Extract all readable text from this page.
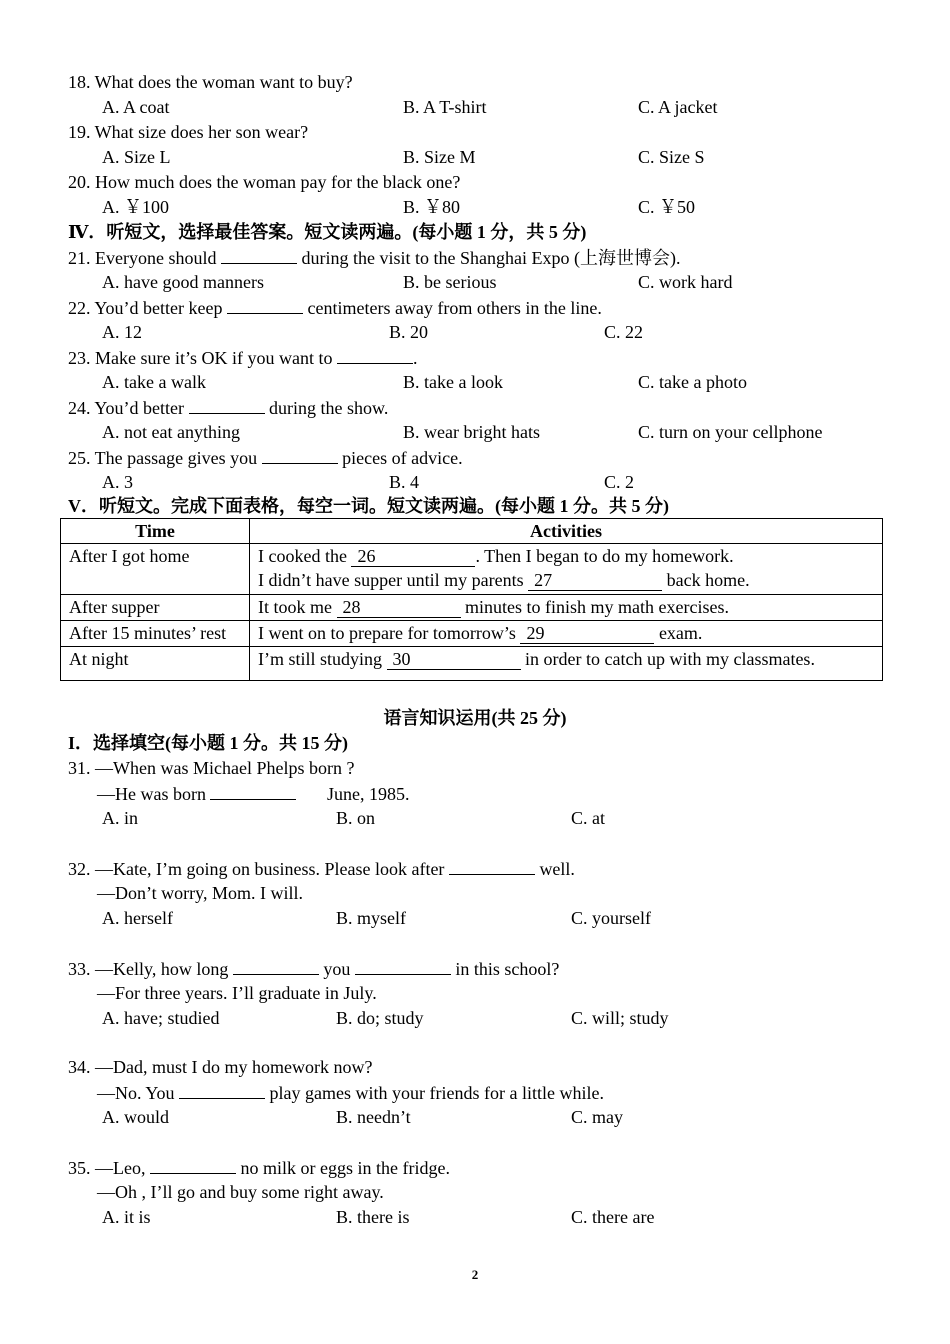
18. What does the woman want to buy?
A. A coat	B. A T-shirt	C. A jacket
19. What size does her son wear?
A. Size L	B. Size M	C. Size S
20. How much does the woman pay for the black one?
A. ￥100	B. ￥80	C. ￥50
Ⅳ．听短文，选择最佳答案。短文读两遍。(每小题 1 分，共 5 分)
21. Everyone should	during the visit to the Shanghai Expo (上海世博会).
A. have good manners	B. be serious	C. work hard
22. You’d better keep	centimeters away from others in the line.
A. 12	B. 20	C. 22
23. Make sure it’s OK if you want to	.
A. take a walk	B. take a look	C. take a photo
24. You’d better	during the show.
A. not eat anything	B. wear bright hats	C. turn on your cellphone
25. The passage gives you	pieces of advice.
A. 3	B. 4	C. 2
V．听短文。完成下面表格，每空一词。短文读两遍。(每小题 1 分。共 5 分)
Time	Activities
After I got home	I cooked the 26 . Then I began to do my homework.
I didn’t have supper until my parents 27 back home.

After supper	It took me 28 minutes to finish my math exercises.
After 15 minutes’ rest	I went on to prepare for tomorrow’s 29 exam.
At night	I’m still studying 30 in order to catch up with my classmates.
语言知识运用(共 25 分)
I．选择填空(每小题 1 分。共 15 分)
31. —When was Michael Phelps born ?
—He was born	June, 1985.
A. in	B. on	C. at
32. —Kate, I’m going on business. Please look after	well.
—Don’t worry, Mom. I will.
A. herself	B. myself	C. yourself
33. —Kelly, how long	you	in this school?
—For three years. I’ll graduate in July.
A. have; studied	B. do; study	C. will; study
34. —Dad, must I do my homework now?
—No. You	play games with your friends for a little while.
A. would	B. needn’t	C. may
35. —Leo,	no milk or eggs in the fridge.
—Oh , I’ll go and buy some right away.
A. it is	B. there is	C. there are
2
